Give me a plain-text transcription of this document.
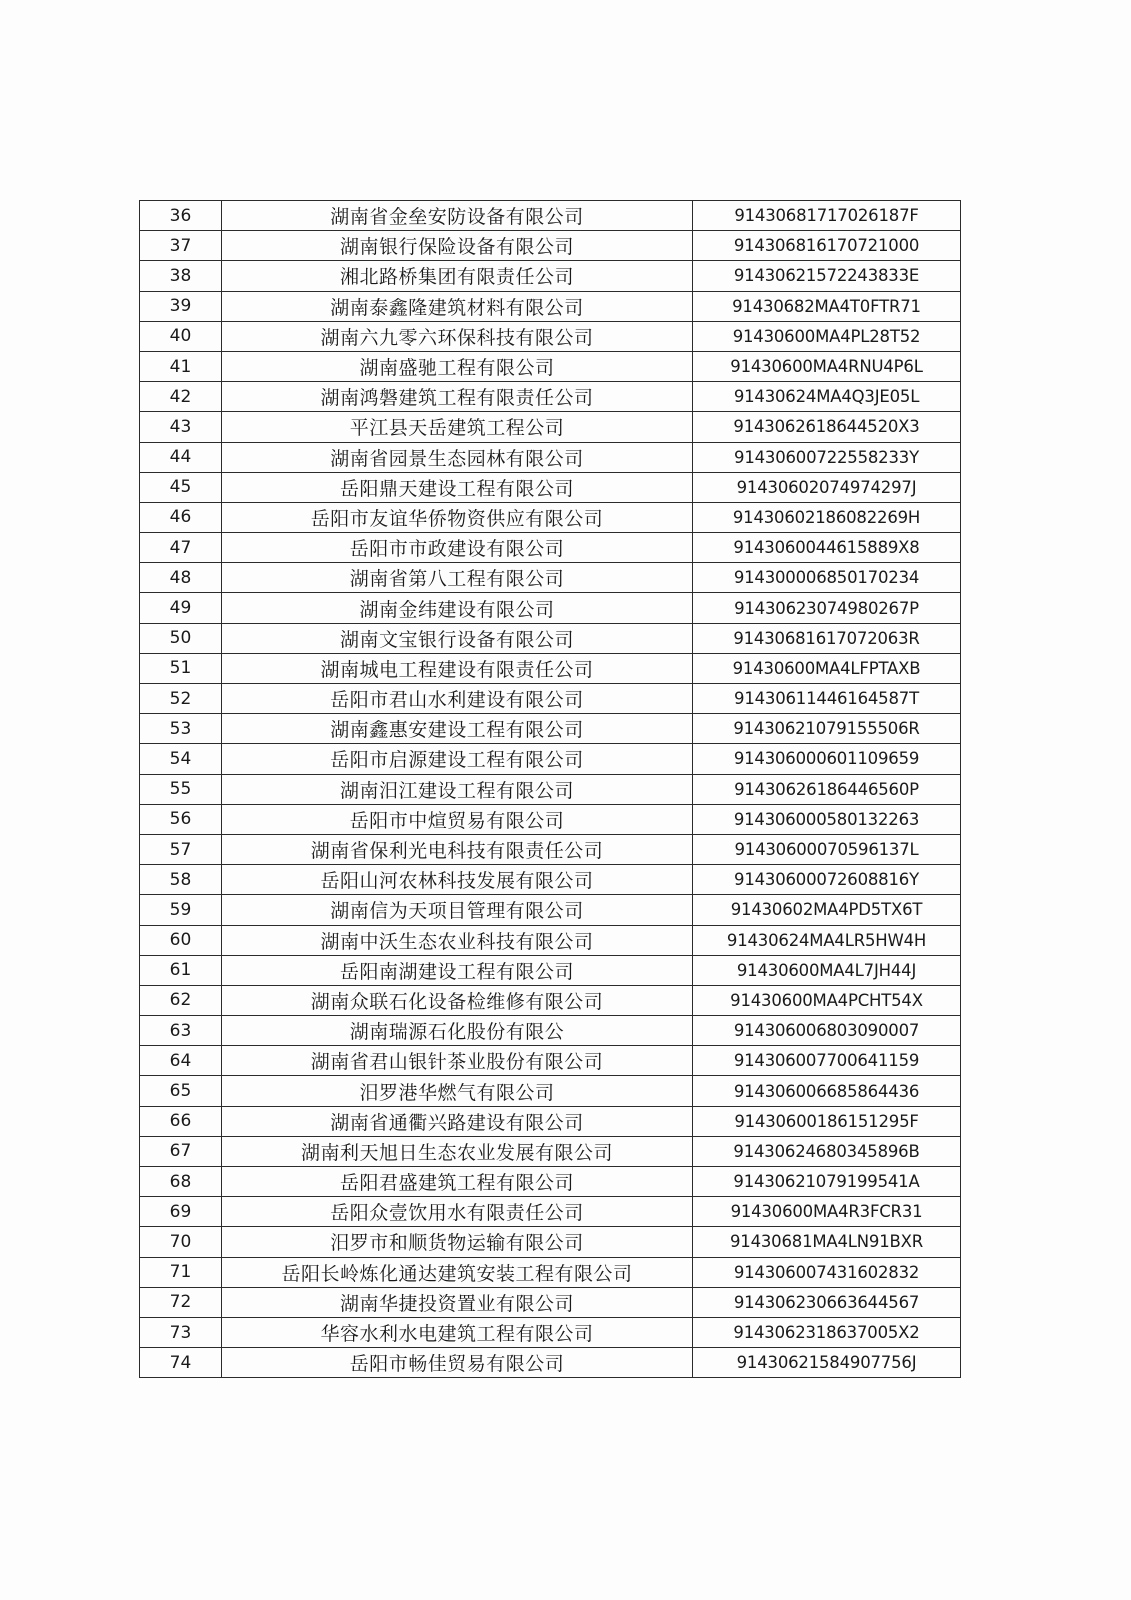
36	湖南省金垒安防设备有限公司	91430681717026187F
37	湖南银行保险设备有限公司	914306816170721000
38	湘北路桥集团有限责任公司	91430621572243833E
39	湖南泰鑫隆建筑材料有限公司	91430682MA4T0FTR71
40	湖南六九零六环保科技有限公司	91430600MA4PL28T52
41	湖南盛驰工程有限公司	91430600MA4RNU4P6L
42	湖南鸿磐建筑工程有限责任公司	91430624MA4Q3JE05L
43	平江县天岳建筑工程公司	9143062618644520X3
44	湖南省园景生态园林有限公司	91430600722558233Y
45	岳阳鼎天建设工程有限公司	91430602074974297J
46	岳阳市友谊华侨物资供应有限公司	91430602186082269H
47	岳阳市市政建设有限公司	9143060044615889X8
48	湖南省第八工程有限公司	914300006850170234
49	湖南金纬建设有限公司	91430623074980267P
50	湖南文宝银行设备有限公司	91430681617072063R
51	湖南城电工程建设有限责任公司	91430600MA4LFPTAXB
52	岳阳市君山水利建设有限公司	91430611446164587T
53	湖南鑫惠安建设工程有限公司	91430621079155506R
54	岳阳市启源建设工程有限公司	914306000601109659
55	湖南汨江建设工程有限公司	91430626186446560P
56	岳阳市中煊贸易有限公司	914306000580132263
57	湖南省保利光电科技有限责任公司	91430600070596137L
58	岳阳山河农林科技发展有限公司	91430600072608816Y
59	湖南信为天项目管理有限公司	91430602MA4PD5TX6T
60	湖南中沃生态农业科技有限公司	91430624MA4LR5HW4H
61	岳阳南湖建设工程有限公司	91430600MA4L7JH44J
62	湖南众联石化设备检维修有限公司	91430600MA4PCHT54X
63	湖南瑞源石化股份有限公	914306006803090007
64	湖南省君山银针茶业股份有限公司	914306007700641159
65	汨罗港华燃气有限公司	914306006685864436
66	湖南省通衢兴路建设有限公司	91430600186151295F
67	湖南利天旭日生态农业发展有限公司	91430624680345896B
68	岳阳君盛建筑工程有限公司	91430621079199541A
69	岳阳众壹饮用水有限责任公司	91430600MA4R3FCR31
70	汨罗市和顺货物运输有限公司	91430681MA4LN91BXR
71	岳阳长岭炼化通达建筑安装工程有限公司	914306007431602832
72	湖南华捷投资置业有限公司	914306230663644567
73	华容水利水电建筑工程有限公司	9143062318637005X2
74	岳阳市畅佳贸易有限公司	91430621584907756J
